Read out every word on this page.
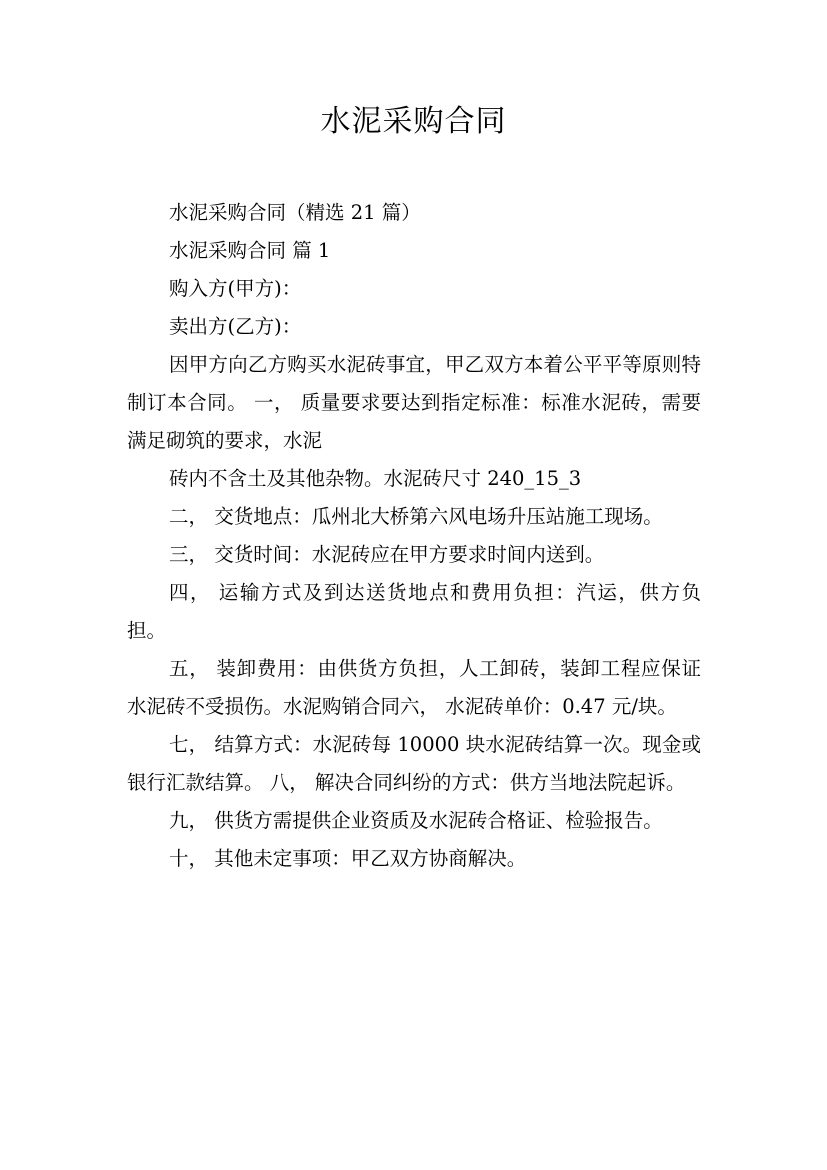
水泥采购合同

水泥采购合同（精选 21 篇）

水泥采购合同 篇 1

购入方(甲方)：

卖出方(乙方)：

因甲方向乙方购买水泥砖事宜，甲乙双方本着公平平等原则特制订本合同。 一， 质量要求要达到指定标准：标准水泥砖，需要满足砌筑的要求，水泥

砖内不含土及其他杂物。水泥砖尺寸 240_15_3

二， 交货地点：瓜州北大桥第六风电场升压站施工现场。

三， 交货时间：水泥砖应在甲方要求时间内送到。

四， 运输方式及到达送货地点和费用负担：汽运，供方负担。

五， 装卸费用：由供货方负担，人工卸砖，装卸工程应保证水泥砖不受损伤。水泥购销合同六， 水泥砖单价：0.47 元/块。

七， 结算方式：水泥砖每 10000 块水泥砖结算一次。现金或银行汇款结算。 八， 解决合同纠纷的方式：供方当地法院起诉。

九， 供货方需提供企业资质及水泥砖合格证、检验报告。

十， 其他未定事项：甲乙双方协商解决。
